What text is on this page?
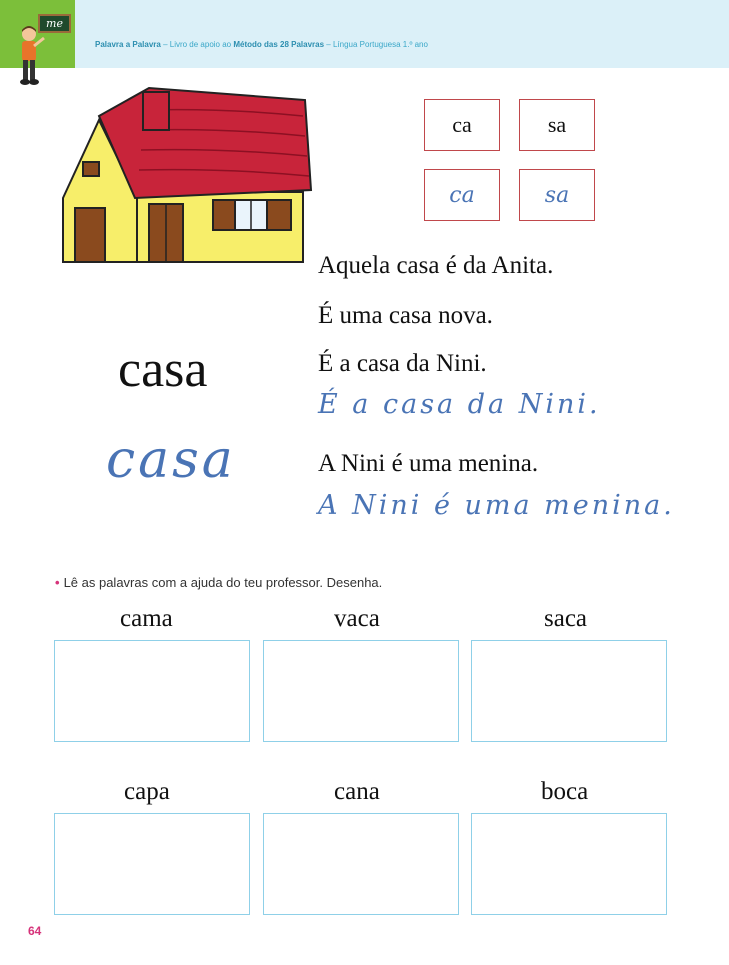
me
Palavra a Palavra – Livro de apoio ao Método das 28 Palavras – Língua Portuguesa 1.º ano
ca	sa
ca	sa
casa
casa
Aquela casa é da Anita.
É uma casa nova.
É a casa da Nini.
É a casa da Nini.
A Nini é uma menina.
A Nini é uma menina.
• Lê as palavras com a ajuda do teu professor. Desenha.
cama	vaca	saca
capa	cana	boca
64
